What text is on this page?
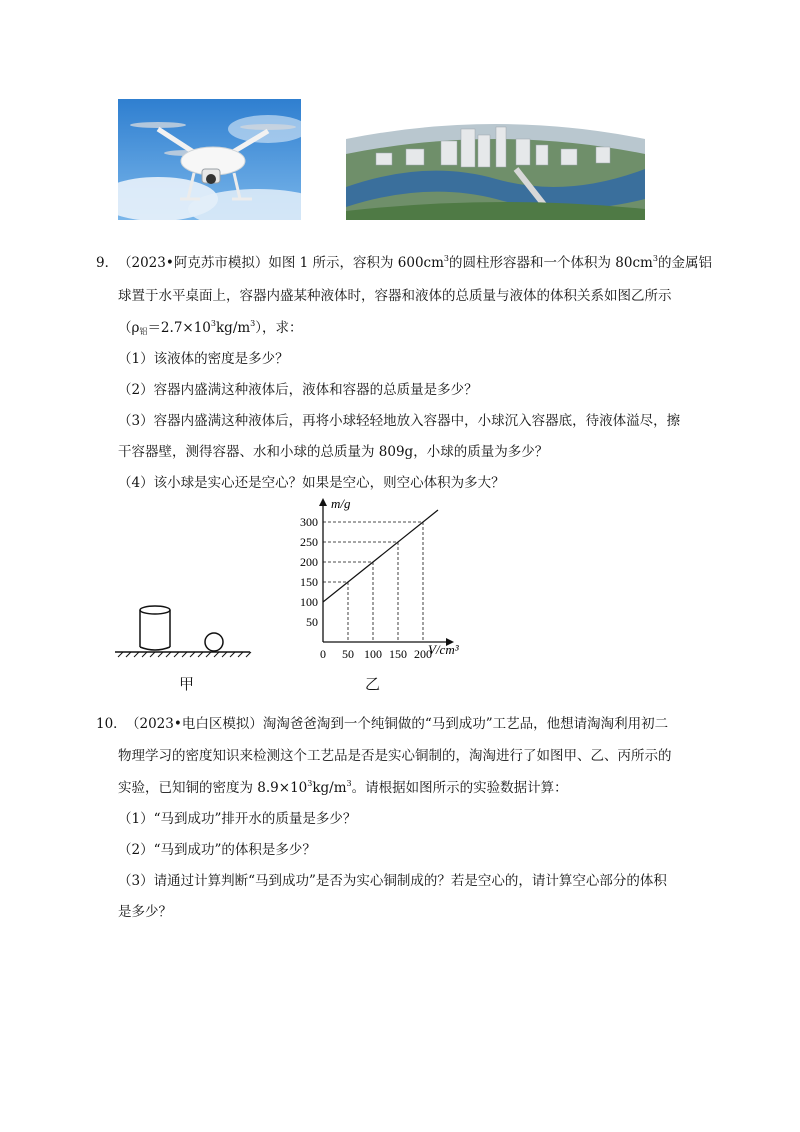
9． （2023•阿克苏市模拟）如图 1 所示，容积为 $600cm^3$的圆柱形容器和一个体积为 $80cm^3$的金属铝
球置于水平桌面上，容器内盛某种液体时，容器和液体的总质量与液体的体积关系如图乙所示
$(\rho_铝=2.7\times 10^3kg/m^3)$，求：
（1）该液体的密度是多少？
（2）容器内盛满这种液体后，液体和容器的总质量是多少？
（3）容器内盛满这种液体后，再将小球轻轻地放入容器中，小球沉入容器底，待液体溢尽，擦
干容器壁，测得容器、水和小球的总质量为 809g，小球的质量为多少？
（4）该小球是实心还是空心？如果是空心，则空心体积为多大？
甲
m/g
V/cm³
0 50 100 150 200
50
100
150
200
250
300
乙
10． （2023•电白区模拟）淘淘爸爸淘到一个纯铜做的“马到成功”工艺品，他想请淘淘利用初二
物理学习的密度知识来检测这个工艺品是否是实心铜制的，淘淘进行了如图甲、乙、丙所示的
实验，已知铜的密度为 $8.9\times 10^3kg/m^3$。请根据如图所示的实验数据计算：
（1）“马到成功”排开水的质量是多少？
（2）“马到成功”的体积是多少？
（3）请通过计算判断“马到成功”是否为实心铜制成的？若是空心的，请计算空心部分的体积
是多少？
